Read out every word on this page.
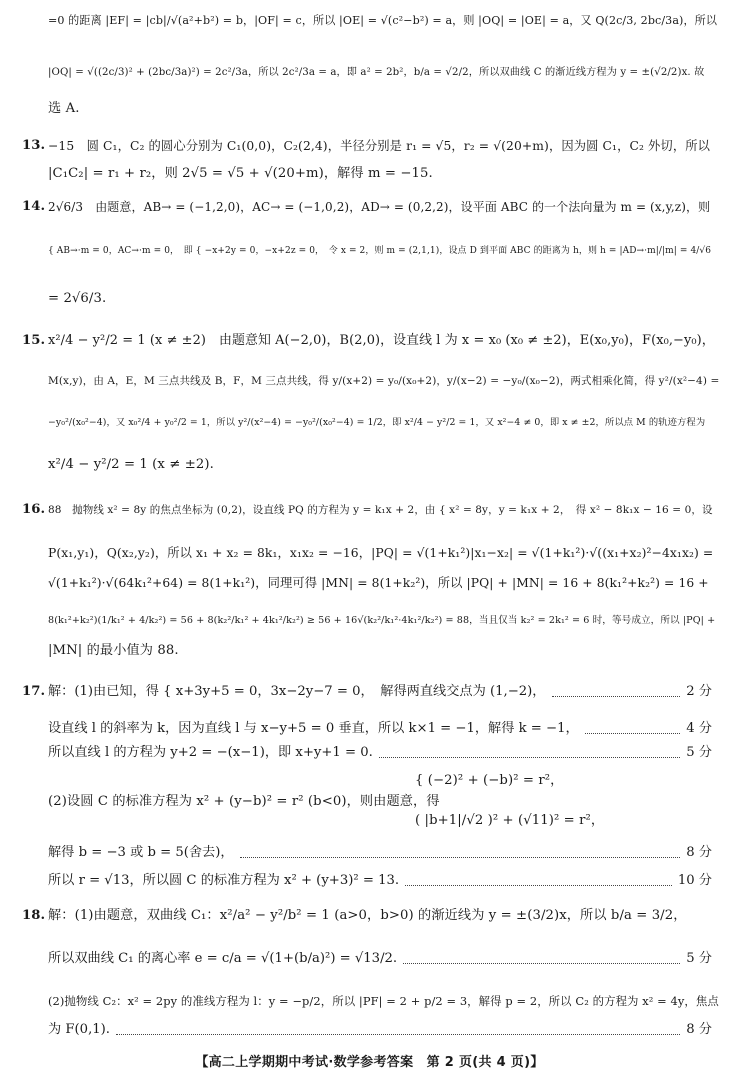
=0 的距离 |EF| = |cb|/√(a²+b²) = b，|OF| = c，所以 |OE| = √(c²−b²) = a，则 |OQ| = |OE| = a，又 Q(2c/3, 2bc/3a)，所以
|OQ| = √((2c/3)² + (2bc/3a)²) = 2c²/3a，所以 2c²/3a = a，即 a² = 2b²，b/a = √2/2，所以双曲线 C 的渐近线方程为 y = ±(√2/2)x. 故
选 A.
13. −15　圆 C₁，C₂ 的圆心分别为 C₁(0,0)，C₂(2,4)，半径分别是 r₁ = √5，r₂ = √(20+m)，因为圆 C₁，C₂ 外切，所以
|C₁C₂| = r₁ + r₂，则 2√5 = √5 + √(20+m)，解得 m = −15.
14. 2√6/3　由题意，AB→ = (−1,2,0)，AC→ = (−1,0,2)，AD→ = (0,2,2)，设平面 ABC 的一个法向量为 m = (x,y,z)，则
{ AB→·m = 0，AC→·m = 0，　即 { −x+2y = 0，−x+2z = 0，　令 x = 2，则 m = (2,1,1)，设点 D 到平面 ABC 的距离为 h，则 h = |AD→·m|/|m| = 4/√6
= 2√6/3.
15. x²/4 − y²/2 = 1 (x ≠ ±2)　由题意知 A(−2,0)，B(2,0)，设直线 l 为 x = x₀ (x₀ ≠ ±2)，E(x₀,y₀)，F(x₀,−y₀)，
M(x,y)，由 A，E，M 三点共线及 B，F，M 三点共线，得 y/(x+2) = y₀/(x₀+2)，y/(x−2) = −y₀/(x₀−2)，两式相乘化简，得 y²/(x²−4) =
−y₀²/(x₀²−4)，又 x₀²/4 + y₀²/2 = 1，所以 y²/(x²−4) = −y₀²/(x₀²−4) = 1/2，即 x²/4 − y²/2 = 1，又 x²−4 ≠ 0，即 x ≠ ±2，所以点 M 的轨迹方程为
x²/4 − y²/2 = 1 (x ≠ ±2).
16. 88　抛物线 x² = 8y 的焦点坐标为 (0,2)，设直线 PQ 的方程为 y = k₁x + 2，由 { x² = 8y，y = k₁x + 2，　得 x² − 8k₁x − 16 = 0，设
P(x₁,y₁)，Q(x₂,y₂)，所以 x₁ + x₂ = 8k₁，x₁x₂ = −16，|PQ| = √(1+k₁²)|x₁−x₂| = √(1+k₁²)·√((x₁+x₂)²−4x₁x₂) =
√(1+k₁²)·√(64k₁²+64) = 8(1+k₁²)，同理可得 |MN| = 8(1+k₂²)，所以 |PQ| + |MN| = 16 + 8(k₁²+k₂²) = 16 +
8(k₁²+k₂²)(1/k₁² + 4/k₂²) = 56 + 8(k₂²/k₁² + 4k₁²/k₂²) ≥ 56 + 16√(k₂²/k₁²·4k₁²/k₂²) = 88，当且仅当 k₂² = 2k₁² = 6 时，等号成立，所以 |PQ| +
|MN| 的最小值为 88.
17. 解：(1)由已知，得 { x+3y+5 = 0，3x−2y−7 = 0，　解得两直线交点为 (1,−2)，	2 分
设直线 l 的斜率为 k，因为直线 l 与 x−y+5 = 0 垂直，所以 k×1 = −1，解得 k = −1，	4 分
所以直线 l 的方程为 y+2 = −(x−1)，即 x+y+1 = 0.	5 分
{ (−2)² + (−b)² = r²，
(2)设圆 C 的标准方程为 x² + (y−b)² = r² (b<0)，则由题意，得
( |b+1|/√2 )² + (√11)² = r²，
解得 b = −3 或 b = 5(舍去)，	8 分
所以 r = √13，所以圆 C 的标准方程为 x² + (y+3)² = 13.	10 分
18. 解：(1)由题意，双曲线 C₁：x²/a² − y²/b² = 1 (a>0，b>0) 的渐近线为 y = ±(3/2)x，所以 b/a = 3/2，
所以双曲线 C₁ 的离心率 e = c/a = √(1+(b/a)²) = √13/2.	5 分
(2)抛物线 C₂：x² = 2py 的准线方程为 l：y = −p/2，所以 |PF| = 2 + p/2 = 3，解得 p = 2，所以 C₂ 的方程为 x² = 4y，焦点
为 F(0,1).	8 分
【高二上学期期中考试·数学参考答案　第 2 页(共 4 页)】
